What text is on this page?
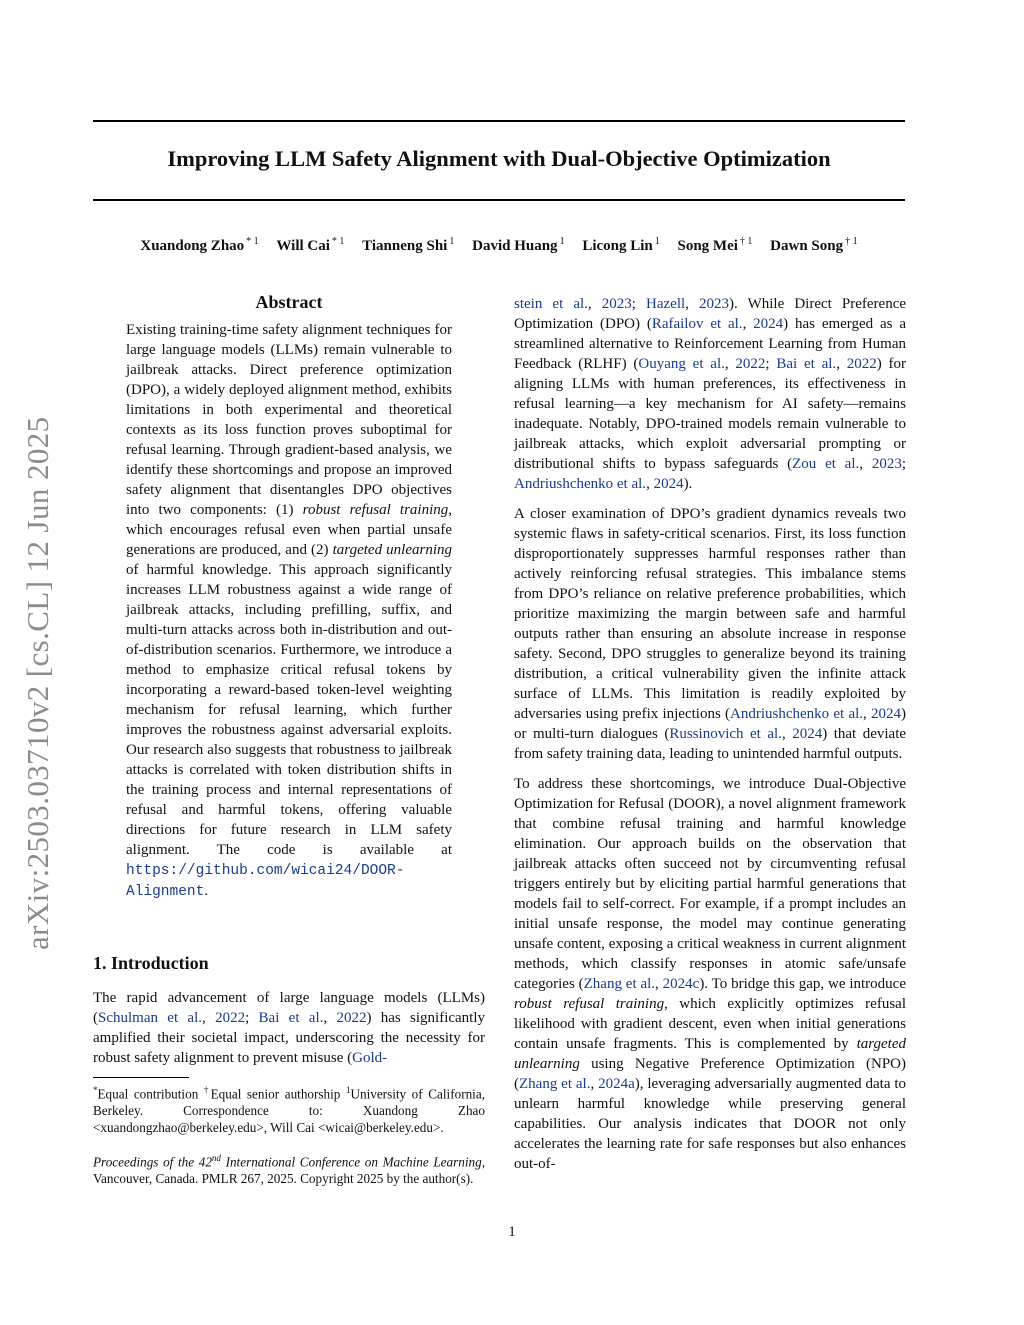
Improving LLM Safety Alignment with Dual-Objective Optimization
Xuandong Zhao $^{* 1}$ Will Cai $^{* 1}$ Tianneng Shi $^1$ David Huang $^1$ Licong Lin $^1$ Song Mei $^{\dagger 1}$ Dawn Song $^{\dagger 1}$
arXiv:2503.03710v2 [cs.CL] 12 Jun 2025
Abstract
Existing training-time safety alignment techniques for large language models (LLMs) remain vulnerable to jailbreak attacks. Direct preference optimization (DPO), a widely deployed alignment method, exhibits limitations in both experimental and theoretical contexts as its loss function proves suboptimal for refusal learning. Through gradient-based analysis, we identify these shortcomings and propose an improved safety alignment that disentangles DPO objectives into two components: (1) robust refusal training, which encourages refusal even when partial unsafe generations are produced, and (2) targeted unlearning of harmful knowledge. This approach significantly increases LLM robustness against a wide range of jailbreak attacks, including prefilling, suffix, and multi-turn attacks across both in-distribution and out-of-distribution scenarios. Furthermore, we introduce a method to emphasize critical refusal tokens by incorporating a reward-based token-level weighting mechanism for refusal learning, which further improves the robustness against adversarial exploits. Our research also suggests that robustness to jailbreak attacks is correlated with token distribution shifts in the training process and internal representations of refusal and harmful tokens, offering valuable directions for future research in LLM safety alignment. The code is available at https://github.com/wicai24/DOOR-Alignment.
1. Introduction
The rapid advancement of large language models (LLMs) (Schulman et al., 2022; Bai et al., 2022) has significantly amplified their societal impact, underscoring the necessity for robust safety alignment to prevent misuse (Gold-
*Equal contribution †Equal senior authorship $^1$University of California, Berkeley. Correspondence to: Xuandong Zhao <xuandongzhao@berkeley.edu>, Will Cai <wicai@berkeley.edu>.
Proceedings of the 42nd International Conference on Machine Learning, Vancouver, Canada. PMLR 267, 2025. Copyright 2025 by the author(s).

stein et al., 2023; Hazell, 2023). While Direct Preference Optimization (DPO) (Rafailov et al., 2024) has emerged as a streamlined alternative to Reinforcement Learning from Human Feedback (RLHF) (Ouyang et al., 2022; Bai et al., 2022) for aligning LLMs with human preferences, its effectiveness in refusal learning—a key mechanism for AI safety—remains inadequate. Notably, DPO-trained models remain vulnerable to jailbreak attacks, which exploit adversarial prompting or distributional shifts to bypass safeguards (Zou et al., 2023; Andriushchenko et al., 2024).

A closer examination of DPO’s gradient dynamics reveals two systemic flaws in safety-critical scenarios. First, its loss function disproportionately suppresses harmful responses rather than actively reinforcing refusal strategies. This imbalance stems from DPO’s reliance on relative preference probabilities, which prioritize maximizing the margin between safe and harmful outputs rather than ensuring an absolute increase in response safety. Second, DPO struggles to generalize beyond its training distribution, a critical vulnerability given the infinite attack surface of LLMs. This limitation is readily exploited by adversaries using prefix injections (Andriushchenko et al., 2024) or multi-turn dialogues (Russinovich et al., 2024) that deviate from safety training data, leading to unintended harmful outputs.

To address these shortcomings, we introduce Dual-Objective Optimization for Refusal (DOOR), a novel alignment framework that combine refusal training and harmful knowledge elimination. Our approach builds on the observation that jailbreak attacks often succeed not by circumventing refusal triggers entirely but by eliciting partial harmful generations that models fail to self-correct. For example, if a prompt includes an initial unsafe response, the model may continue generating unsafe content, exposing a critical weakness in current alignment methods, which classify responses in atomic safe/unsafe categories (Zhang et al., 2024c). To bridge this gap, we introduce robust refusal training, which explicitly optimizes refusal likelihood with gradient descent, even when initial generations contain unsafe fragments. This is complemented by targeted unlearning using Negative Preference Optimization (NPO) (Zhang et al., 2024a), leveraging adversarially augmented data to unlearn harmful knowledge while preserving general capabilities. Our analysis indicates that DOOR not only accelerates the learning rate for safe responses but also enhances out-of-

1
